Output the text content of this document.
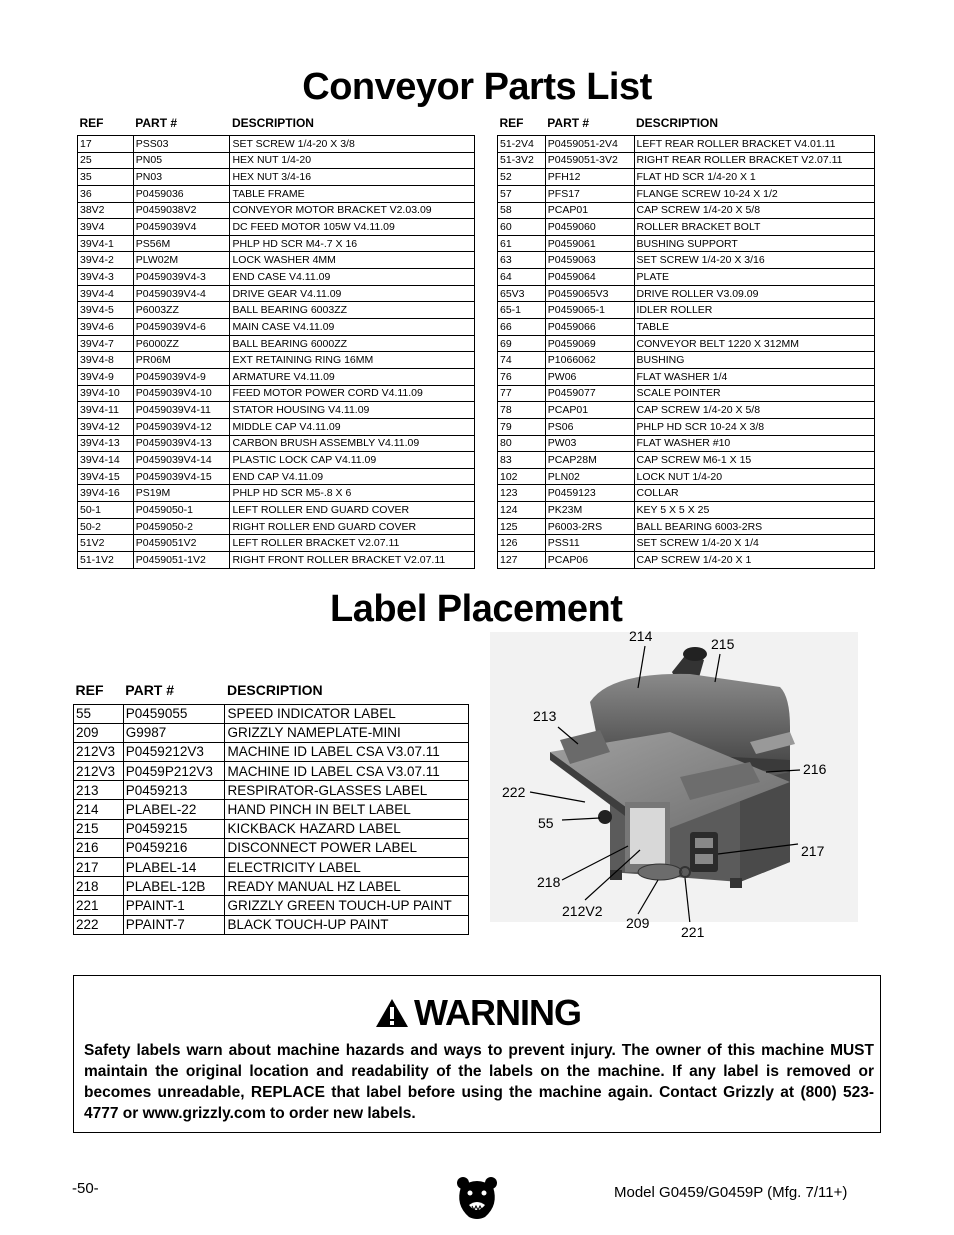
Conveyor Parts List
REF	PART #	DESCRIPTION
17	PSS03	SET SCREW 1/4-20 X 3/8
25	PN05	HEX NUT 1/4-20
35	PN03	HEX NUT 3/4-16
36	P0459036	TABLE FRAME
38V2	P0459038V2	CONVEYOR MOTOR BRACKET V2.03.09
39V4	P0459039V4	DC FEED MOTOR 105W V4.11.09
39V4-1	PS56M	PHLP HD SCR M4-.7 X 16
39V4-2	PLW02M	LOCK WASHER 4MM
39V4-3	P0459039V4-3	END CASE V4.11.09
39V4-4	P0459039V4-4	DRIVE GEAR V4.11.09
39V4-5	P6003ZZ	BALL BEARING 6003ZZ
39V4-6	P0459039V4-6	MAIN CASE V4.11.09
39V4-7	P6000ZZ	BALL BEARING 6000ZZ
39V4-8	PR06M	EXT RETAINING RING 16MM
39V4-9	P0459039V4-9	ARMATURE V4.11.09
39V4-10	P0459039V4-10	FEED MOTOR POWER CORD V4.11.09
39V4-11	P0459039V4-11	STATOR HOUSING V4.11.09
39V4-12	P0459039V4-12	MIDDLE CAP V4.11.09
39V4-13	P0459039V4-13	CARBON BRUSH ASSEMBLY V4.11.09
39V4-14	P0459039V4-14	PLASTIC LOCK CAP V4.11.09
39V4-15	P0459039V4-15	END CAP V4.11.09
39V4-16	PS19M	PHLP HD SCR M5-.8 X 6
50-1	P0459050-1	LEFT ROLLER END GUARD COVER
50-2	P0459050-2	RIGHT ROLLER END GUARD COVER
51V2	P0459051V2	LEFT ROLLER BRACKET V2.07.11
51-1V2	P0459051-1V2	RIGHT FRONT ROLLER BRACKET V2.07.11
REF	PART #	DESCRIPTION
51-2V4	P0459051-2V4	LEFT REAR ROLLER BRACKET V4.01.11
51-3V2	P0459051-3V2	RIGHT REAR ROLLER BRACKET V2.07.11
52	PFH12	FLAT HD SCR 1/4-20 X 1
57	PFS17	FLANGE SCREW 10-24 X 1/2
58	PCAP01	CAP SCREW 1/4-20 X 5/8
60	P0459060	ROLLER BRACKET BOLT
61	P0459061	BUSHING SUPPORT
63	P0459063	SET SCREW 1/4-20 X 3/16
64	P0459064	PLATE
65V3	P0459065V3	DRIVE ROLLER V3.09.09
65-1	P0459065-1	IDLER ROLLER
66	P0459066	TABLE
69	P0459069	CONVEYOR BELT 1220 X 312MM
74	P1066062	BUSHING
76	PW06	FLAT WASHER 1/4
77	P0459077	SCALE POINTER
78	PCAP01	CAP SCREW 1/4-20 X 5/8
79	PS06	PHLP HD SCR 10-24 X 3/8
80	PW03	FLAT WASHER #10
83	PCAP28M	CAP SCREW M6-1 X 15
102	PLN02	LOCK NUT 1/4-20
123	P0459123	COLLAR
124	PK23M	KEY 5 X 5 X 25
125	P6003-2RS	BALL BEARING 6003-2RS
126	PSS11	SET SCREW 1/4-20 X 1/4
127	PCAP06	CAP SCREW 1/4-20 X 1
Label Placement
REF	PART #	DESCRIPTION
55	P0459055	SPEED INDICATOR LABEL
209	G9987	GRIZZLY NAMEPLATE-MINI
212V3	P0459212V3	MACHINE ID LABEL CSA V3.07.11
212V3	P0459P212V3	MACHINE ID LABEL CSA V3.07.11
213	P0459213	RESPIRATOR-GLASSES LABEL
214	PLABEL-22	HAND PINCH IN BELT LABEL
215	P0459215	KICKBACK HAZARD LABEL
216	P0459216	DISCONNECT POWER LABEL
217	PLABEL-14	ELECTRICITY LABEL
218	PLABEL-12B	READY MANUAL HZ LABEL
221	PPAINT-1	GRIZZLY GREEN TOUCH-UP PAINT
222	PPAINT-7	BLACK TOUCH-UP PAINT
214	215
213
216
222
55
217
218
212V2
209
221
WARNING
Safety labels warn about machine hazards and ways to prevent injury. The owner of this machine MUST maintain the original location and readability of the labels on the machine. If any label is removed or becomes unreadable, REPLACE that label before using the machine again. Contact Grizzly at (800) 523-4777 or www.grizzly.com to order new labels.
-50-	Model G0459/G0459P (Mfg. 7/11+)
